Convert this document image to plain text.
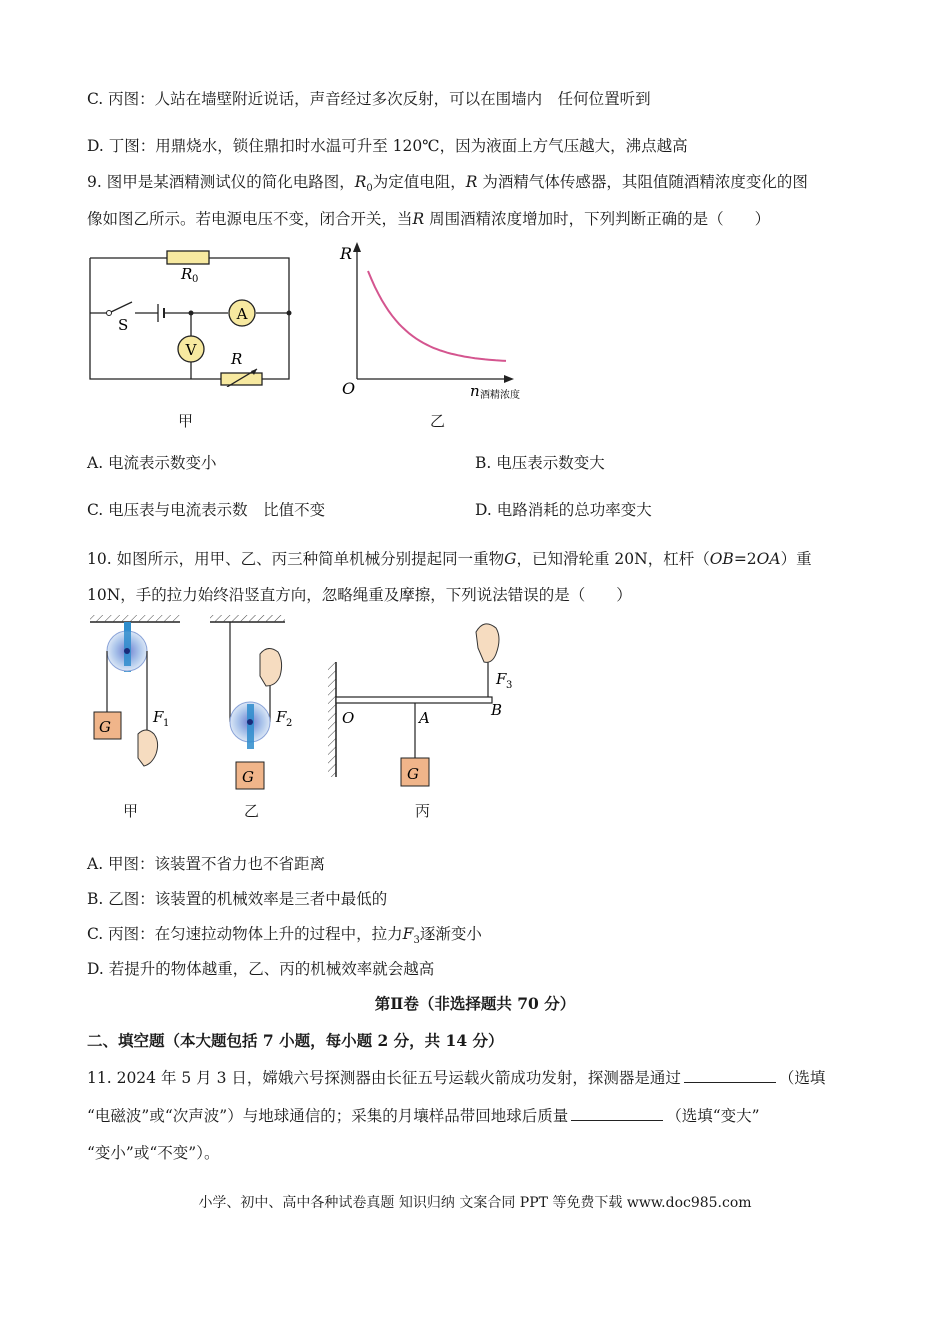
C. 丙图：人站在墙壁附近说话，声音经过多次反射，可以在围墙内　任何位置听到
D. 丁图：用鼎烧水，锁住鼎扣时水温可升至 120℃，因为液面上方气压越大，沸点越高
9. 图甲是某酒精测试仪的简化电路图，$R_0$为定值电阻，R 为酒精气体传感器，其阻值随酒精浓度变化的图
像如图乙所示。若电源电压不变，闭合开关，当R 周围酒精浓度增加时，下列判断正确的是（　　）
A
V
R 0
S
R
甲
R
O	n 酒精浓度
乙
A. 电流表示数变小	B. 电压表示数变大
C. 电压表与电流表示数　比值不变	D. 电路消耗的总功率变大
10. 如图所示，用甲、乙、丙三种简单机械分别提起同一重物G，已知滑轮重 20N，杠杆（OB=2OA）重
10N，手的拉力始终沿竖直方向，忽略绳重及摩擦，下列说法错误的是（　　）
G
F 1
G
F 2
G
O	A	B
F 3
甲	乙	丙
A. 甲图：该装置不省力也不省距离
B. 乙图：该装置的机械效率是三者中最低的
C. 丙图：在匀速拉动物体上升的过程中，拉力$F_3$逐渐变小
D. 若提升的物体越重，乙、丙的机械效率就会越高
第Ⅱ卷（非选择题共 70 分）
二、填空题（本大题包括 7 小题，每小题 2 分，共 14 分）
11. 2024 年 5 月 3 日，嫦娥六号探测器由长征五号运载火箭成功发射，探测器是通过	（选填
“电磁波”或“次声波”）与地球通信的；采集的月壤样品带回地球后质量	（选填“变大”
“变小”或“不变”）。
小学、初中、高中各种试卷真题 知识归纳 文案合同 PPT 等免费下载 www.doc985.com
